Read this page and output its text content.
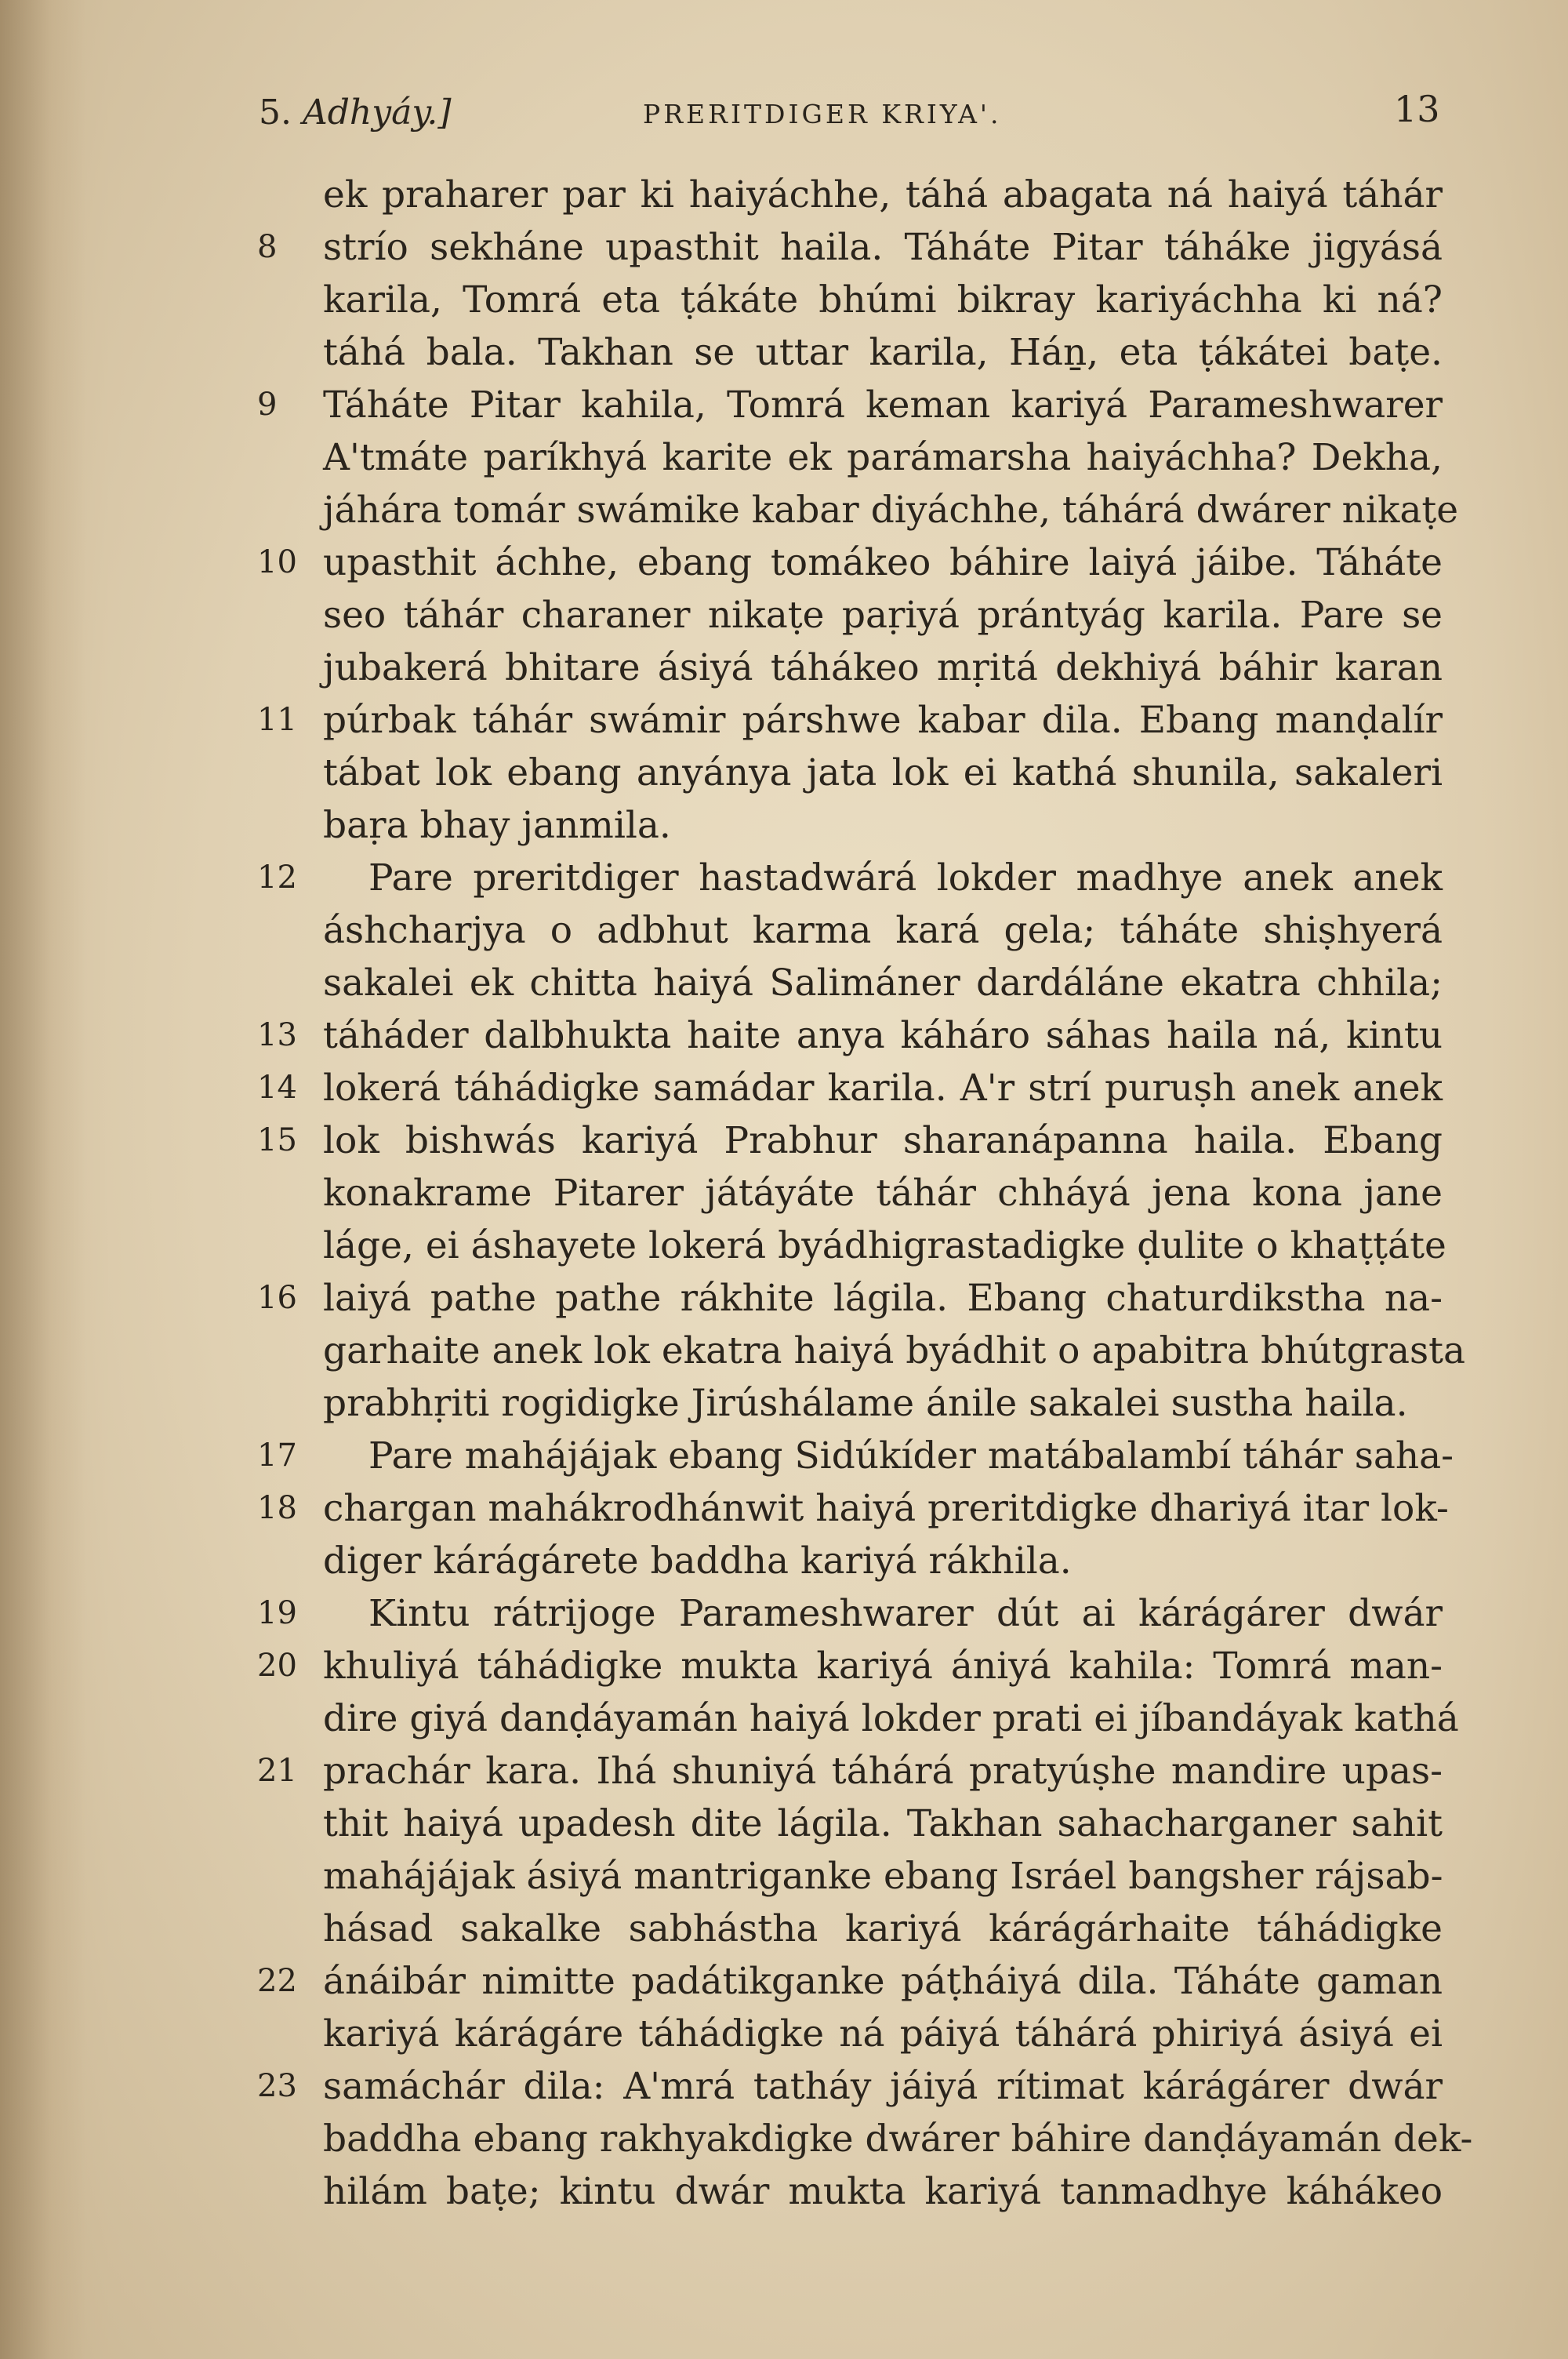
5. Adhyáy.]	PRERITDIGER KRIYA'.	13
ek praharer par ki haiyáchhe, táhá abagata ná haiyá táhár
8	strío sekháne upasthit haila. Táháte Pitar táháke jigyásá
karila, Tomrá eta ṭákáte bhúmi bikray kariyáchha ki ná?
táhá bala. Takhan se uttar karila, Háṉ, eta ṭákátei baṭe.
9	Táháte Pitar kahila, Tomrá keman kariyá Parameshwarer
A'tmáte paríkhyá karite ek parámarsha haiyáchha? Dekha,
jáhára tomár swámike kabar diyáchhe, táhárá dwárer nikaṭe
10 upasthit áchhe, ebang tomákeo báhire laiyá jáibe. Táháte
seo táhár charaner nikaṭe paṛiyá prántyág karila. Pare se
jubakerá bhitare ásiyá táhákeo mṛitá dekhiyá báhir karan
11 púrbak táhár swámir párshwe kabar dila. Ebang manḍalír
tábat lok ebang anyánya jata lok ei kathá shunila, sakaleri
baṛa bhay janmila.
12	Pare preritdiger hastadwárá lokder madhye anek anek
áshcharjya o adbhut karma kará gela; táháte shiṣhyerá
sakalei ek chitta haiyá Salimáner dardáláne ekatra chhila;
13 táháder dalbhukta haite anya káháro sáhas haila ná, kintu
14 lokerá táhádigke samádar karila. A'r strí puruṣh anek anek
15 lok bishwás kariyá Prabhur sharanápanna haila. Ebang
konakrame Pitarer játáyáte táhár chháyá jena kona jane
láge, ei áshayete lokerá byádhigrastadigke ḍulite o khaṭṭáte
16 laiyá pathe pathe rákhite lágila. Ebang chaturdikstha na-
garhaite anek lok ekatra haiyá byádhit o apabitra bhútgrasta
prabhṛiti rogidigke Jirúshálame ánile sakalei sustha haila.
17	Pare mahájájak ebang Sidúkíder matábalambí táhár saha-
18 chargan mahákrodhánwit haiyá preritdigke dhariyá itar lok-
diger kárágárete baddha kariyá rákhila.
19	Kintu rátrijoge Parameshwarer dút ai kárágárer dwár
20 khuliyá táhádigke mukta kariyá ániyá kahila: Tomrá man-
dire giyá danḍáyamán haiyá lokder prati ei jíbandáyak kathá
21 prachár kara. Ihá shuniyá táhárá pratyúṣhe mandire upas-
thit haiyá upadesh dite lágila. Takhan sahacharganer sahit
mahájájak ásiyá mantriganke ebang Isráel bangsher rájsab-
hásad sakalke sabhástha kariyá kárágárhaite táhádigke
22 ánáibár nimitte padátikganke páṭháiyá dila. Táháte gaman
kariyá kárágáre táhádigke ná páiyá táhárá phiriyá ásiyá ei
23 samáchár dila: A'mrá tatháy jáiyá rítimat kárágárer dwár
baddha ebang rakhyakdigke dwárer báhire danḍáyamán dek-
hilám baṭe; kintu dwár mukta kariyá tanmadhye káhákeo
